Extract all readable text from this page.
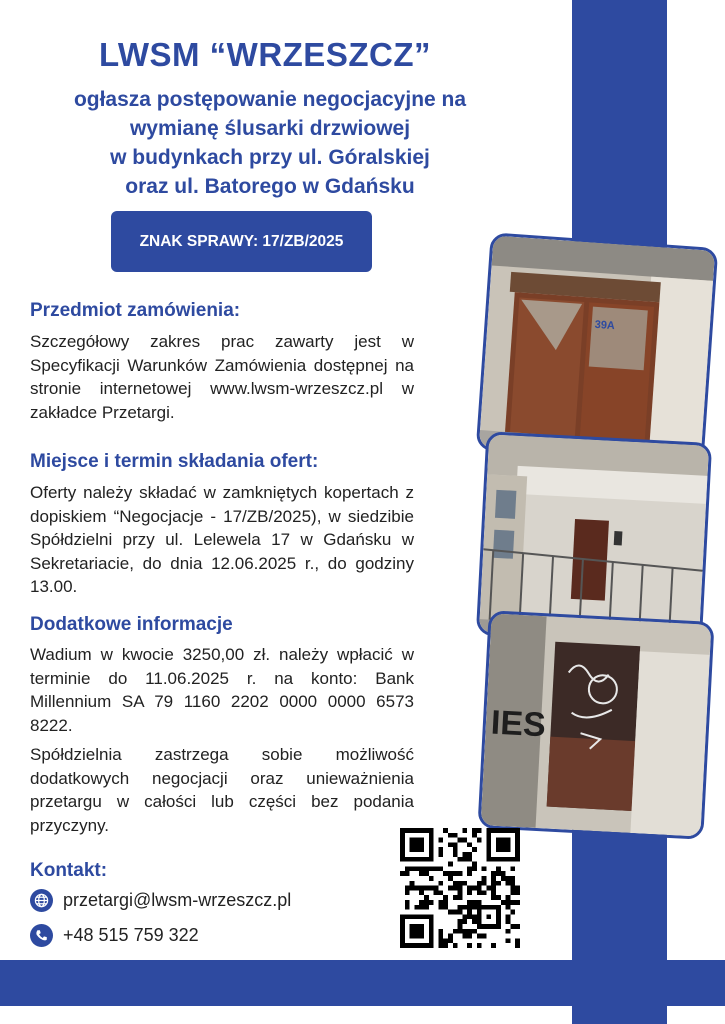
LWSM “WRZESZCZ”
ogłasza postępowanie negocjacyjne na
wymianę ślusarki drzwiowej
w budynkach przy ul. Góralskiej
oraz ul. Batorego w Gdańsku
ZNAK SPRAWY: 17/ZB/2025
Przedmiot zamówienia:
Szczegółowy zakres prac zawarty jest w Specyfikacji Warunków Zamówienia dostępnej na stronie internetowej www.lwsm-wrzeszcz.pl w zakładce Przetargi.
Miejsce i termin składania ofert:
Oferty należy składać w zamkniętych kopertach z dopiskiem “Negocjacje - 17/ZB/2025), w siedzibie Spółdzielni przy ul. Lelewela 17 w Gdańsku w Sekretariacie, do dnia 12.06.2025 r., do godziny 13.00.
Dodatkowe informacje
Wadium w kwocie 3250,00 zł. należy wpłacić w terminie do 11.06.2025 r. na konto: Bank Millennium SA 79 1160 2202 0000 0000 6573 8222.
Spółdzielnia zastrzega sobie możliwość dodatkowych negocjacji oraz unieważnienia przetargu w całości lub części bez podania przyczyny.
39A
IES
Kontakt:
przetargi@lwsm-wrzeszcz.pl
+48 515 759 322
